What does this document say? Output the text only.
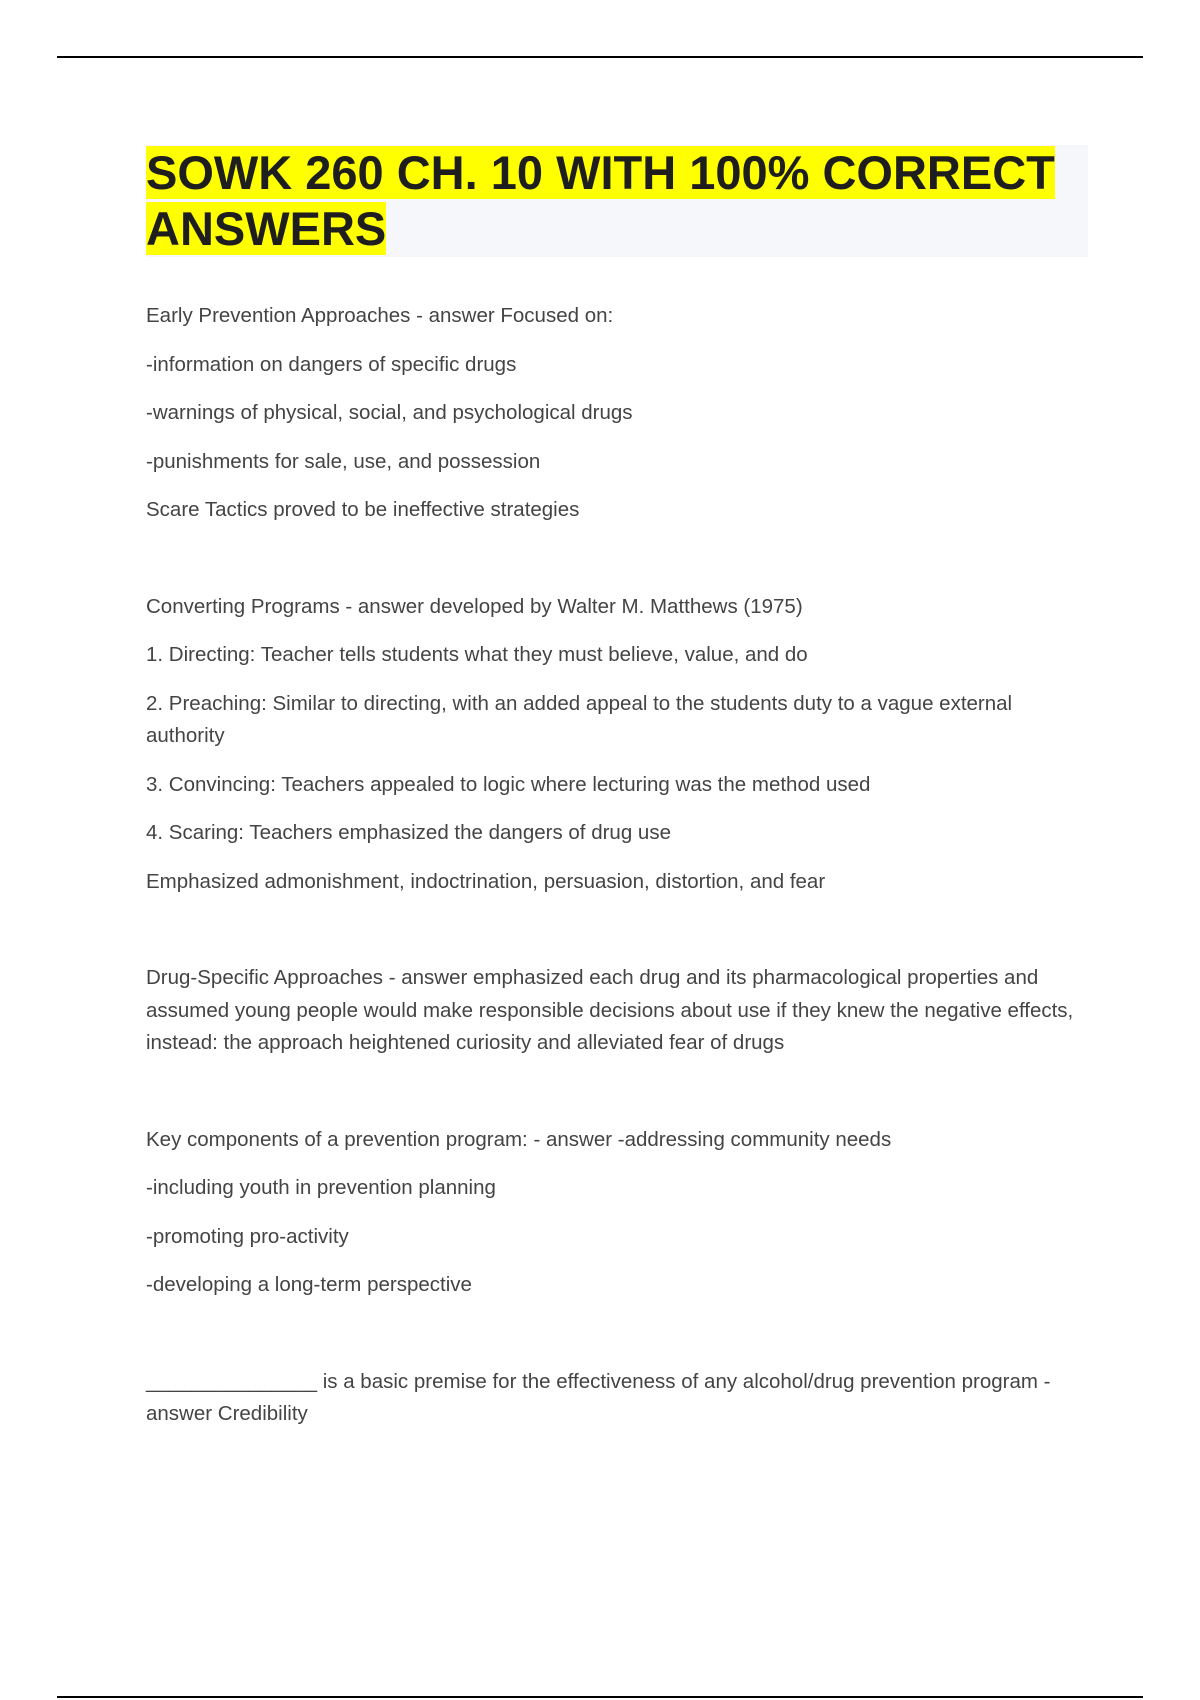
SOWK 260 CH. 10 WITH 100% CORRECT ANSWERS

Early Prevention Approaches - answer Focused on:

-information on dangers of specific drugs

-warnings of physical, social, and psychological drugs

-punishments for sale, use, and possession

Scare Tactics proved to be ineffective strategies

Converting Programs - answer developed by Walter M. Matthews (1975)

1. Directing: Teacher tells students what they must believe, value, and do

2. Preaching: Similar to directing, with an added appeal to the students duty to a vague external authority

3. Convincing: Teachers appealed to logic where lecturing was the method used

4. Scaring: Teachers emphasized the dangers of drug use

Emphasized admonishment, indoctrination, persuasion, distortion, and fear

Drug-Specific Approaches - answer emphasized each drug and its pharmacological properties and assumed young people would make responsible decisions about use if they knew the negative effects, instead: the approach heightened curiosity and alleviated fear of drugs

Key components of a prevention program: - answer -addressing community needs

-including youth in prevention planning

-promoting pro-activity

-developing a long-term perspective

_______________ is a basic premise for the effectiveness of any alcohol/drug prevention program - answer Credibility
